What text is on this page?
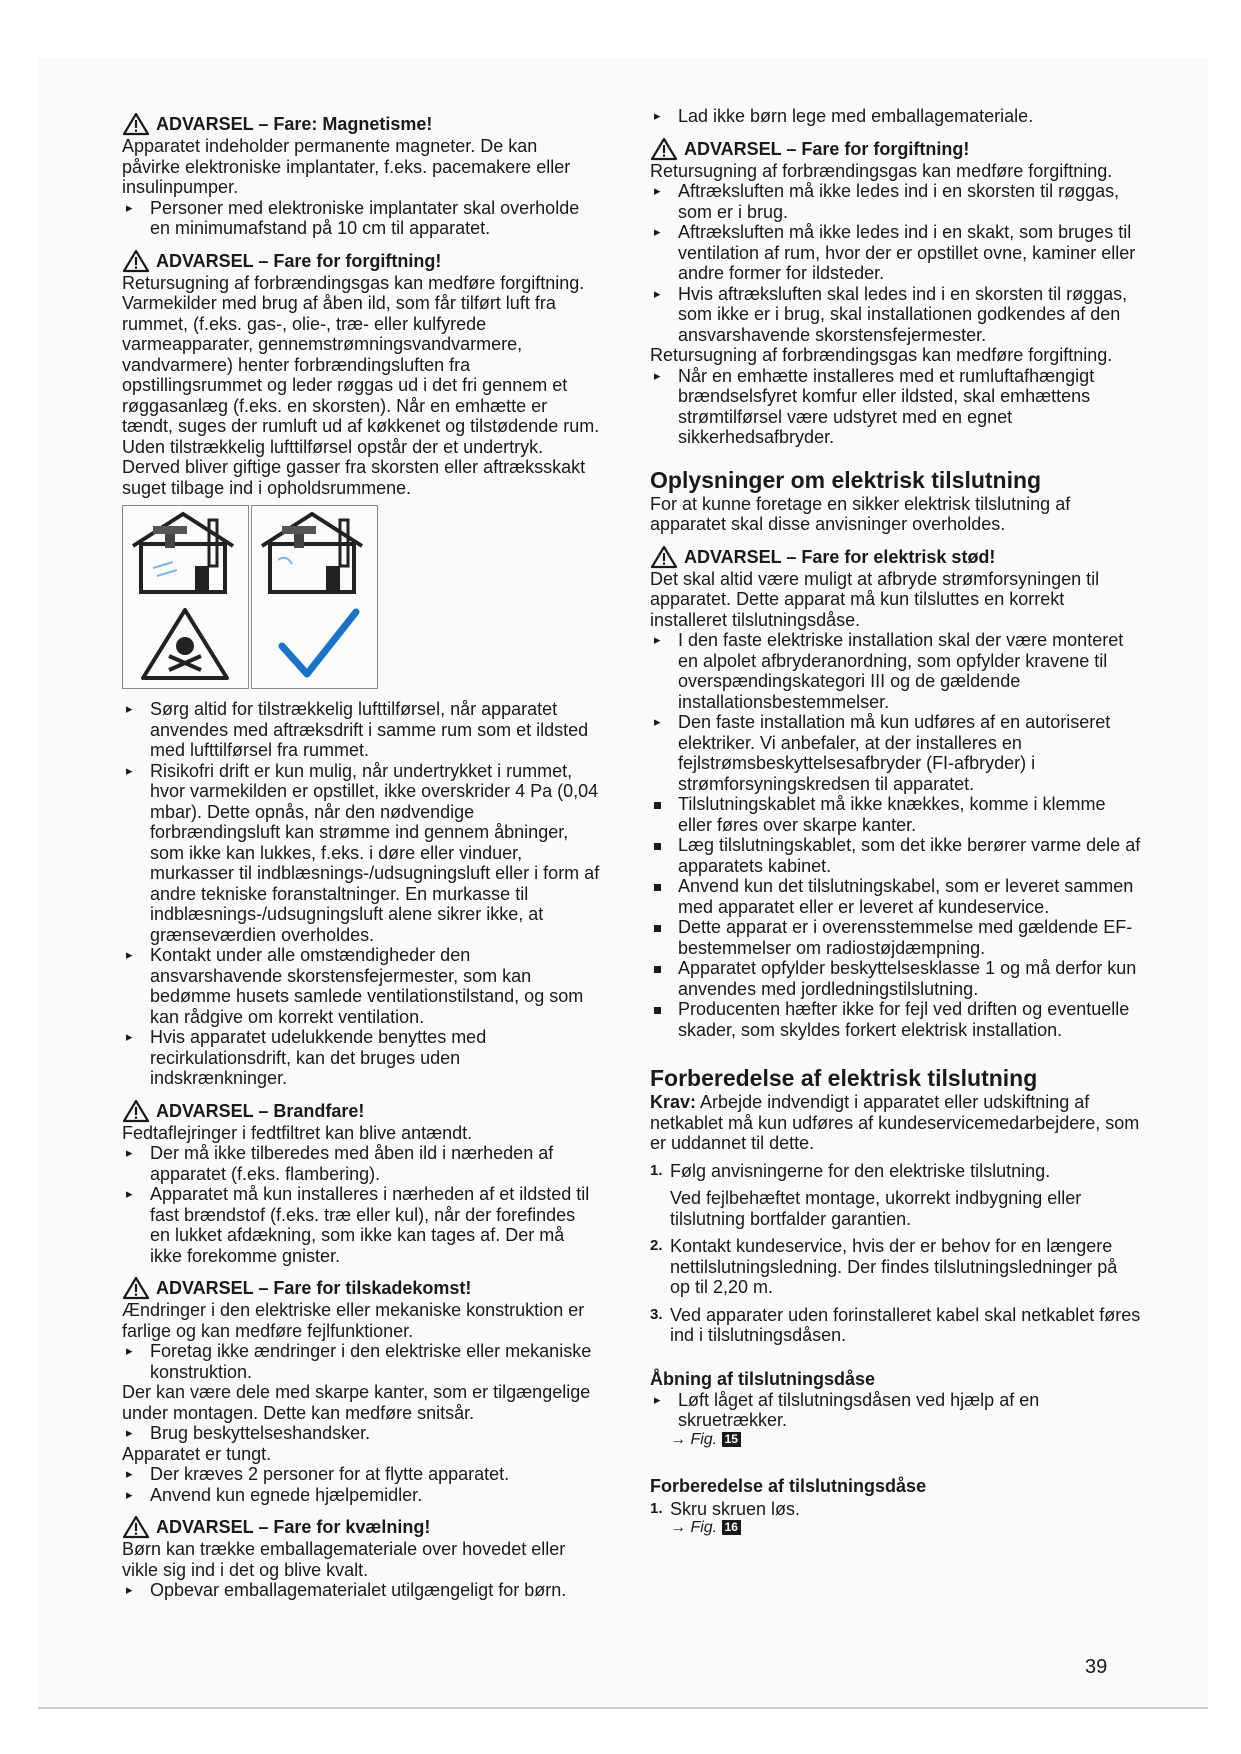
ADVARSEL – Fare: Magnetisme!

Apparatet indeholder permanente magneter. De kan påvirke elektroniske implantater, f.eks. pacemakere eller insulinpumper.

▸ Personer med elektroniske implantater skal overholde en minimumafstand på 10 cm til apparatet.
ADVARSEL – Fare for forgiftning!

Retursugning af forbrændingsgas kan medføre forgiftning. Varmekilder med brug af åben ild, som får tilført luft fra rummet, (f.eks. gas-, olie-, træ- eller kulfyrede varmeapparater, gennemstrømningsvandvarmere, vandvarmere) henter forbrændingsluften fra opstillingsrummet og leder røggas ud i det fri gennem et røggasanlæg (f.eks. en skorsten). Når en emhætte er tændt, suges der rumluft ud af køkkenet og tilstødende rum. Uden tilstrækkelig lufttilførsel opstår der et undertryk. Derved bliver giftige gasser fra skorsten eller aftræksskakt suget tilbage ind i opholdsrummene.

▸ Sørg altid for tilstrækkelig lufttilførsel, når apparatet anvendes med aftræksdrift i samme rum som et ildsted med lufttilførsel fra rummet.
▸ Risikofri drift er kun mulig, når undertrykket i rummet, hvor varmekilden er opstillet, ikke overskrider 4 Pa (0,04 mbar). Dette opnås, når den nødvendige forbrændingsluft kan strømme ind gennem åbninger, som ikke kan lukkes, f.eks. i døre eller vinduer, murkasser til indblæsnings-/udsugningsluft eller i form af andre tekniske foranstaltninger. En murkasse til indblæsnings-/udsugningsluft alene sikrer ikke, at grænseværdien overholdes.
▸ Kontakt under alle omstændigheder den ansvarshavende skorstensfejermester, som kan bedømme husets samlede ventilationstilstand, og som kan rådgive om korrekt ventilation.
▸ Hvis apparatet udelukkende benyttes med recirkulationsdrift, kan det bruges uden indskrænkninger.
ADVARSEL – Brandfare!

Fedtaflejringer i fedtfiltret kan blive antændt.

▸ Der må ikke tilberedes med åben ild i nærheden af apparatet (f.eks. flambering).
▸ Apparatet må kun installeres i nærheden af et ildsted til fast brændstof (f.eks. træ eller kul), når der forefindes en lukket afdækning, som ikke kan tages af. Der må ikke forekomme gnister.
ADVARSEL – Fare for tilskadekomst!

Ændringer i den elektriske eller mekaniske konstruktion er farlige og kan medføre fejlfunktioner.

▸ Foretag ikke ændringer i den elektriske eller mekaniske konstruktion.

Der kan være dele med skarpe kanter, som er tilgængelige under montagen. Dette kan medføre snitsår.

▸ Brug beskyttelseshandsker.

Apparatet er tungt.

▸ Der kræves 2 personer for at flytte apparatet.
▸ Anvend kun egnede hjælpemidler.
ADVARSEL – Fare for kvælning!

Børn kan trække emballagemateriale over hovedet eller vikle sig ind i det og blive kvalt.

▸ Opbevar emballagematerialet utilgængeligt for børn.
▸ Lad ikke børn lege med emballagemateriale.
ADVARSEL – Fare for forgiftning!

Retursugning af forbrændingsgas kan medføre forgiftning.

▸ Aftræksluften må ikke ledes ind i en skorsten til røggas, som er i brug.
▸ Aftræksluften må ikke ledes ind i en skakt, som bruges til ventilation af rum, hvor der er opstillet ovne, kaminer eller andre former for ildsteder.
▸ Hvis aftræksluften skal ledes ind i en skorsten til røggas, som ikke er i brug, skal installationen godkendes af den ansvarshavende skorstensfejermester.

Retursugning af forbrændingsgas kan medføre forgiftning.

▸ Når en emhætte installeres med et rumluftafhængigt brændselsfyret komfur eller ildsted, skal emhættens strømtilførsel være udstyret med en egnet sikkerhedsafbryder.
Oplysninger om elektrisk tilslutning

For at kunne foretage en sikker elektrisk tilslutning af apparatet skal disse anvisninger overholdes.

ADVARSEL – Fare for elektrisk stød!

Det skal altid være muligt at afbryde strømforsyningen til apparatet. Dette apparat må kun tilsluttes en korrekt installeret tilslutningsdåse.

▸ I den faste elektriske installation skal der være monteret en alpolet afbryderanordning, som opfylder kravene til overspændingskategori III og de gældende installationsbestemmelser.
▸ Den faste installation må kun udføres af en autoriseret elektriker. Vi anbefaler, at der installeres en fejlstrømsbeskyttelsesafbryder (FI-afbryder) i strømforsyningskredsen til apparatet.
Tilslutningskablet må ikke knækkes, komme i klemme eller føres over skarpe kanter.
Læg tilslutningskablet, som det ikke berører varme dele af apparatets kabinet.
Anvend kun det tilslutningskabel, som er leveret sammen med apparatet eller er leveret af kundeservice.
Dette apparat er i overensstemmelse med gældende EF-bestemmelser om radiostøjdæmpning.
Apparatet opfylder beskyttelsesklasse 1 og må derfor kun anvendes med jordledningstilslutning.
Producenten hæfter ikke for fejl ved driften og eventuelle skader, som skyldes forkert elektrisk installation.
Forberedelse af elektrisk tilslutning

Krav: Arbejde indvendigt i apparatet eller udskiftning af netkablet må kun udføres af kundeservicemedarbejdere, som er uddannet til dette.

1. Følg anvisningerne for den elektriske tilslutning.
Ved fejlbehæftet montage, ukorrekt indbygning eller tilslutning bortfalder garantien.
2. Kontakt kundeservice, hvis der er behov for en længere nettilslutningsledning. Der findes tilslutningsledninger på op til 2,20 m.
3. Ved apparater uden forinstalleret kabel skal netkablet føres ind i tilslutningsdåsen.
Åbning af tilslutningsdåse
▸ Løft låget af tilslutningsdåsen ved hjælp af en skruetrækker.
→ Fig. 15
Forberedelse af tilslutningsdåse
1. Skru skruen løs.
→ Fig. 16
39
